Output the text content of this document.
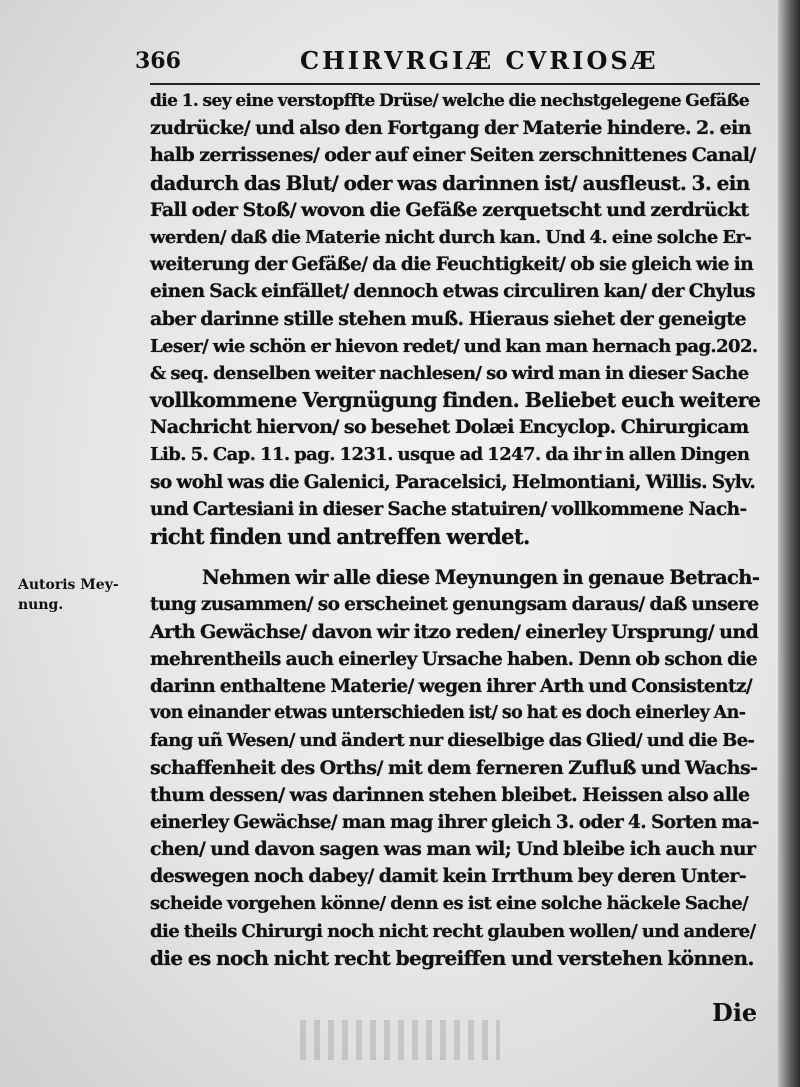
366	CHIRVRGIÆ CVRIOSÆ
Autoris Mey-
nung.
die 1. sey eine verstopffte Drüse/ welche die nechstgelegene Gefäße
zudrücke/ und also den Fortgang der Materie hindere. 2. ein
halb zerrissenes/ oder auf einer Seiten zerschnittenes Canal/
dadurch das Blut/ oder was darinnen ist/ ausfleust. 3. ein
Fall oder Stoß/ wovon die Gefäße zerquetscht und zerdrückt
werden/ daß die Materie nicht durch kan. Und 4. eine solche Er-
weiterung der Gefäße/ da die Feuchtigkeit/ ob sie gleich wie in
einen Sack einfället/ dennoch etwas circuliren kan/ der Chylus
aber darinne stille stehen muß. Hieraus siehet der geneigte
Leser/ wie schön er hievon redet/ und kan man hernach pag.202.
& seq. denselben weiter nachlesen/ so wird man in dieser Sache
vollkommene Vergnügung finden. Beliebet euch weitere
Nachricht hiervon/ so besehet Dolæi Encyclop. Chirurgicam
Lib. 5. Cap. 11. pag. 1231. usque ad 1247. da ihr in allen Dingen
so wohl was die Galenici, Paracelsici, Helmontiani, Willis. Sylv.
und Cartesiani in dieser Sache statuiren/ vollkommene Nach-
richt finden und antreffen werdet.
Nehmen wir alle diese Meynungen in genaue Betrach-
tung zusammen/ so erscheinet genungsam daraus/ daß unsere
Arth Gewächse/ davon wir itzo reden/ einerley Ursprung/ und
mehrentheils auch einerley Ursache haben. Denn ob schon die
darinn enthaltene Materie/ wegen ihrer Arth und Consistentz/
von einander etwas unterschieden ist/ so hat es doch einerley An-
fang uñ Wesen/ und ändert nur dieselbige das Glied/ und die Be-
schaffenheit des Orths/ mit dem ferneren Zufluß und Wachs-
thum dessen/ was darinnen stehen bleibet. Heissen also alle
einerley Gewächse/ man mag ihrer gleich 3. oder 4. Sorten ma-
chen/ und davon sagen was man wil; Und bleibe ich auch nur
deswegen noch dabey/ damit kein Irrthum bey deren Unter-
scheide vorgehen könne/ denn es ist eine solche häckele Sache/
die theils Chirurgi noch nicht recht glauben wollen/ und andere/
die es noch nicht recht begreiffen und verstehen können.
Die
